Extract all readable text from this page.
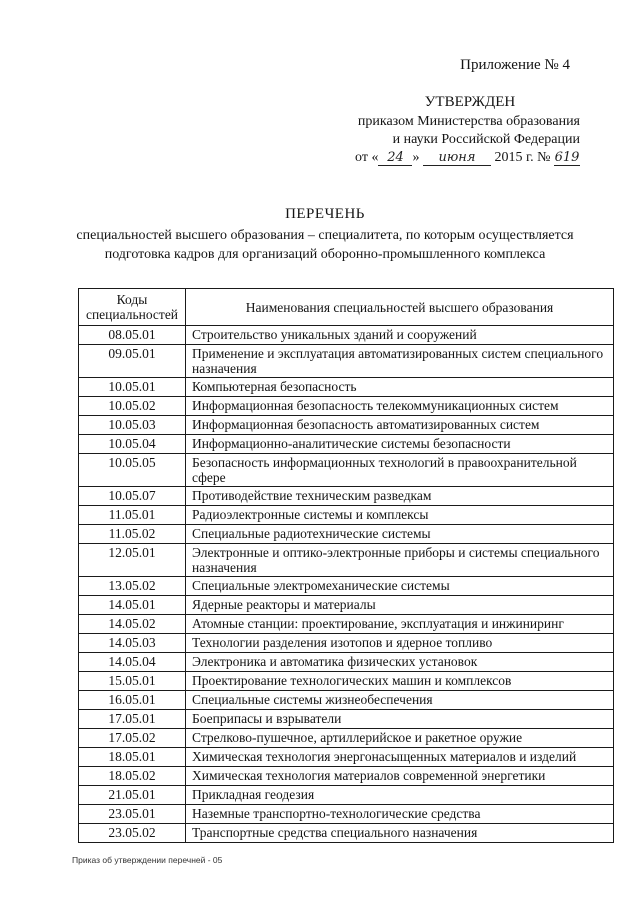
Приложение № 4
УТВЕРЖДЕН
приказом Министерства образования
и науки Российской Федерации
от « 24 » июня 2015 г. № 619
ПЕРЕЧЕНЬ
специальностей высшего образования – специалитета, по которым осуществляется
подготовка кадров для организаций оборонно-промышленного комплекса
Коды специальностей	Наименования специальностей высшего образования
08.05.01	Строительство уникальных зданий и сооружений
09.05.01	Применение и эксплуатация автоматизированных систем специального назначения
10.05.01	Компьютерная безопасность
10.05.02	Информационная безопасность телекоммуникационных систем
10.05.03	Информационная безопасность автоматизированных систем
10.05.04	Информационно-аналитические системы безопасности
10.05.05	Безопасность информационных технологий в правоохранительной сфере
10.05.07	Противодействие техническим разведкам
11.05.01	Радиоэлектронные системы и комплексы
11.05.02	Специальные радиотехнические системы
12.05.01	Электронные и оптико-электронные приборы и системы специального назначения
13.05.02	Специальные электромеханические системы
14.05.01	Ядерные реакторы и материалы
14.05.02	Атомные станции: проектирование, эксплуатация и инжиниринг
14.05.03	Технологии разделения изотопов и ядерное топливо
14.05.04	Электроника и автоматика физических установок
15.05.01	Проектирование технологических машин и комплексов
16.05.01	Специальные системы жизнеобеспечения
17.05.01	Боеприпасы и взрыватели
17.05.02	Стрелково-пушечное, артиллерийское и ракетное оружие
18.05.01	Химическая технология энергонасыщенных материалов и изделий
18.05.02	Химическая технология материалов современной энергетики
21.05.01	Прикладная геодезия
23.05.01	Наземные транспортно-технологические средства
23.05.02	Транспортные средства специального назначения
Приказ об утверждении перечней - 05
